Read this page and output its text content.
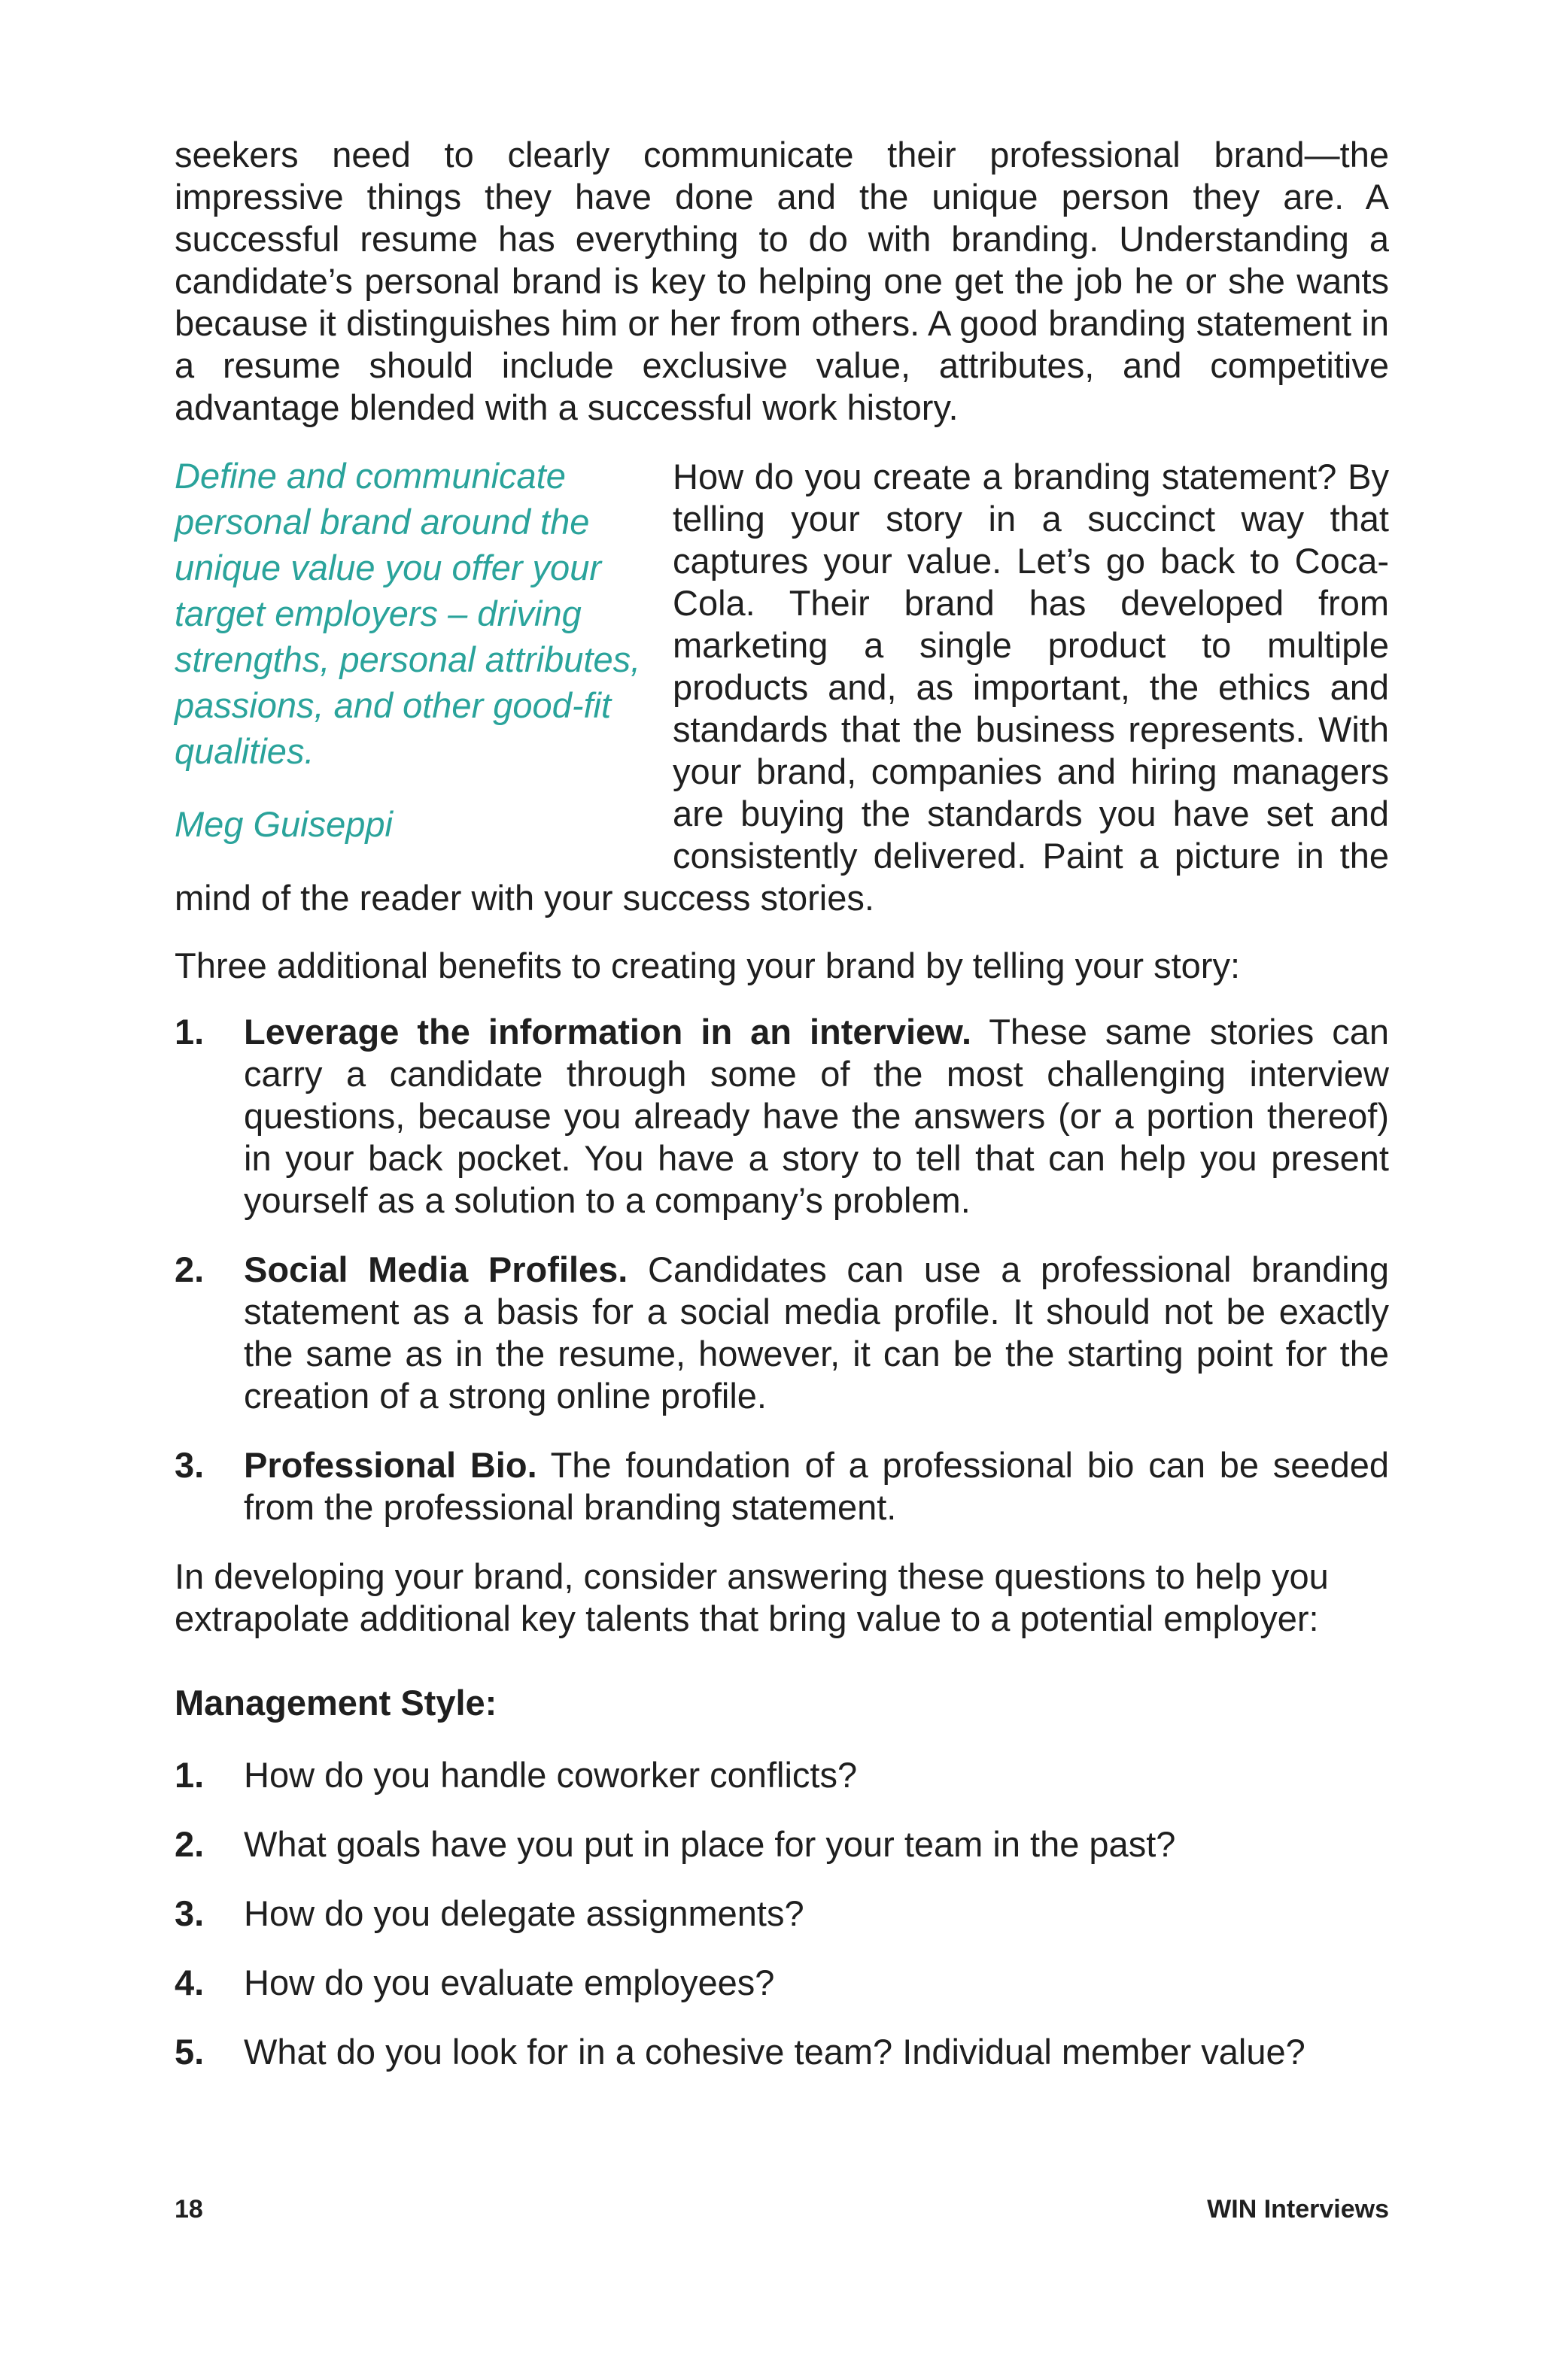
seekers need to clearly communicate their professional brand—the impressive things they have done and the unique person they are. A successful resume has everything to do with branding. Understanding a candidate’s personal brand is key to helping one get the job he or she wants because it distinguishes him or her from others. A good branding statement in a resume should include exclusive value, attributes, and competitive advantage blended with a successful work history.

Define and communicate personal brand around the unique value you offer your target employers – driving strengths, personal attributes, passions, and other good-fit qualities.

Meg Guiseppi

How do you create a branding statement? By telling your story in a succinct way that captures your value. Let’s go back to Coca-Cola. Their brand has developed from marketing a single product to multiple products and, as important, the ethics and standards that the business represents. With your brand, companies and hiring managers are buying the standards you have set and consistently delivered. Paint a picture in the mind of the reader with your success stories.

Three additional benefits to creating your brand by telling your story:

1.	Leverage the information in an interview. These same stories can carry a candidate through some of the most challenging interview questions, because you already have the answers (or a portion thereof) in your back pocket. You have a story to tell that can help you present yourself as a solution to a company’s problem.
2.	Social Media Profiles. Candidates can use a professional branding statement as a basis for a social media profile. It should not be exactly the same as in the resume, however, it can be the starting point for the creation of a strong online profile.
3.	Professional Bio. The foundation of a professional bio can be seeded from the professional branding statement.

In developing your brand, consider answering these questions to help you extrapolate additional key talents that bring value to a potential employer:

Management Style:

1.	How do you handle coworker conflicts?
2.	What goals have you put in place for your team in the past?
3.	How do you delegate assignments?
4.	How do you evaluate employees?
5.	What do you look for in a cohesive team? Individual member value?
18	WIN Interviews
